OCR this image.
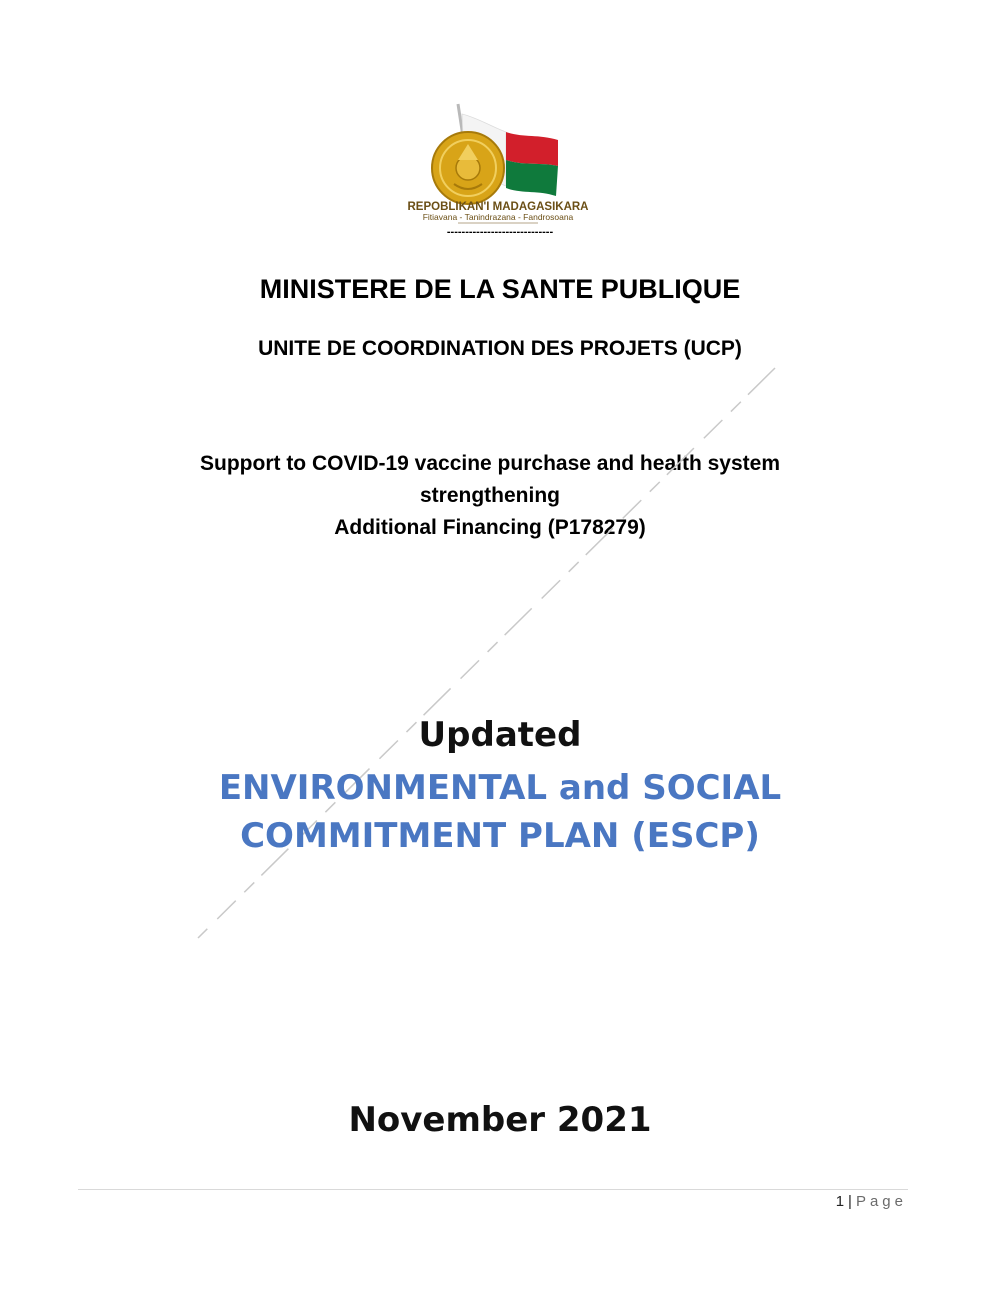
REPOBLIKAN'I MADAGASIKARA
Fitiavana - Tanindrazana - Fandrosoana
-----------------------------
MINISTERE DE LA SANTE PUBLIQUE
UNITE DE COORDINATION DES PROJETS (UCP)
Support to COVID-19 vaccine purchase and health system
strengthening
Additional Financing (P178279)
Updated
ENVIRONMENTAL and SOCIAL
COMMITMENT PLAN (ESCP)
November 2021
1 | Page
